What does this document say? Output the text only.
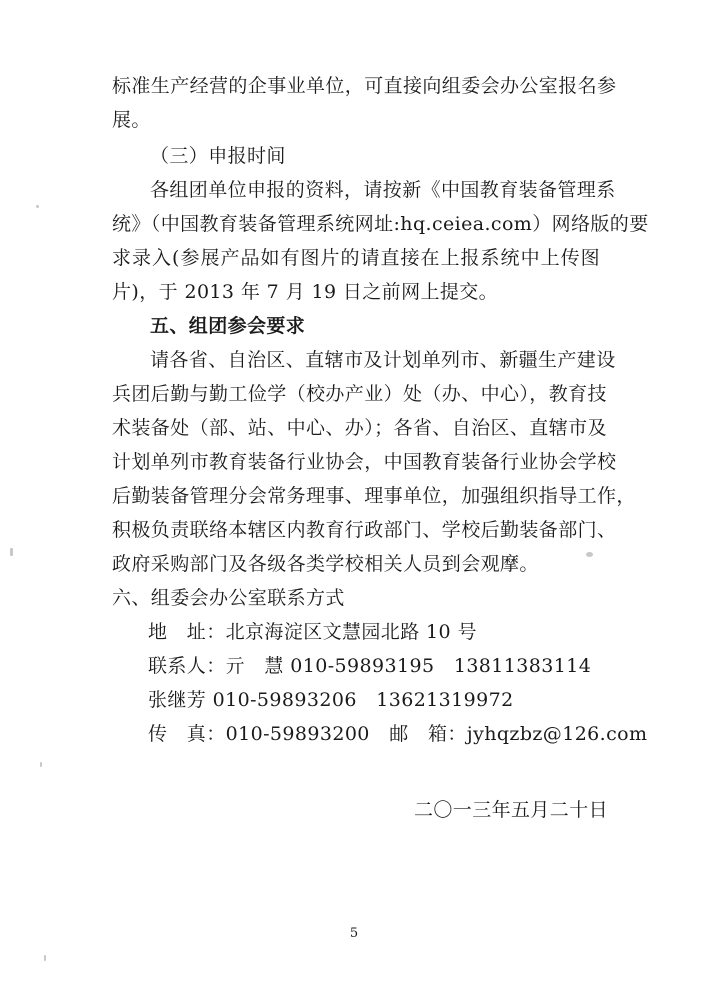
标准生产经营的企事业单位，可直接向组委会办公室报名参
展。
（三）申报时间
各组团单位申报的资料，请按新《中国教育装备管理系
统》（中国教育装备管理系统网址:hq.ceiea.com）网络版的要
求录入(参展产品如有图片的请直接在上报系统中上传图
片)，于 2013 年 7 月 19 日之前网上提交。
五、组团参会要求
请各省、自治区、直辖市及计划单列市、新疆生产建设
兵团后勤与勤工俭学（校办产业）处（办、中心），教育技
术装备处（部、站、中心、办）；各省、自治区、直辖市及
计划单列市教育装备行业协会，中国教育装备行业协会学校
后勤装备管理分会常务理事、理事单位，加强组织指导工作，
积极负责联络本辖区内教育行政部门、学校后勤装备部门、
政府采购部门及各级各类学校相关人员到会观摩。
六、组委会办公室联系方式
地　址：北京海淀区文慧园北路 10 号
联系人：亓　慧 010-59893195　13811383114
张继芳 010-59893206　13621319972
传　真：010-59893200　邮　箱：jyhqzbz@126.com
二〇一三年五月二十日
5
